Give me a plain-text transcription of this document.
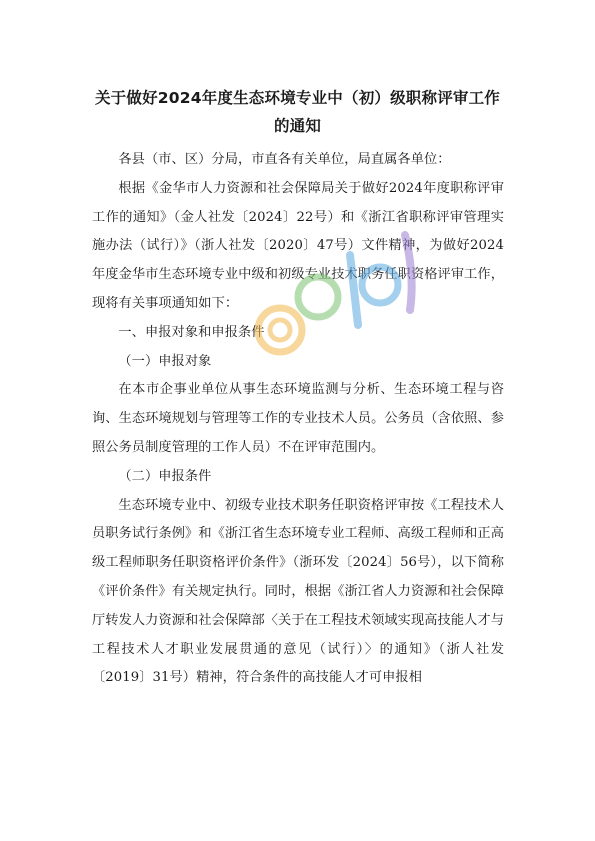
关于做好2024年度生态环境专业中（初）级职称评审工作
的通知

各县（市、区）分局，市直各有关单位，局直属各单位：

根据《金华市人力资源和社会保障局关于做好2024年度职称评审工作的通知》（金人社发〔2024〕22号）和《浙江省职称评审管理实施办法（试行）》（浙人社发〔2020〕47号）文件精神，为做好2024年度金华市生态环境专业中级和初级专业技术职务任职资格评审工作，现将有关事项通知如下：

一、申报对象和申报条件

（一）申报对象

在本市企事业单位从事生态环境监测与分析、生态环境工程与咨询、生态环境规划与管理等工作的专业技术人员。公务员（含依照、参照公务员制度管理的工作人员）不在评审范围内。

（二）申报条件

生态环境专业中、初级专业技术职务任职资格评审按《工程技术人员职务试行条例》和《浙江省生态环境专业工程师、高级工程师和正高级工程师职务任职资格评价条件》（浙环发〔2024〕56号），以下简称《评价条件》有关规定执行。同时，根据《浙江省人力资源和社会保障厅转发人力资源和社会保障部〈关于在工程技术领域实现高技能人才与工程技术人才职业发展贯通的意见（试行）〉的通知》（浙人社发〔2019〕31号）精神，符合条件的高技能人才可申报相
